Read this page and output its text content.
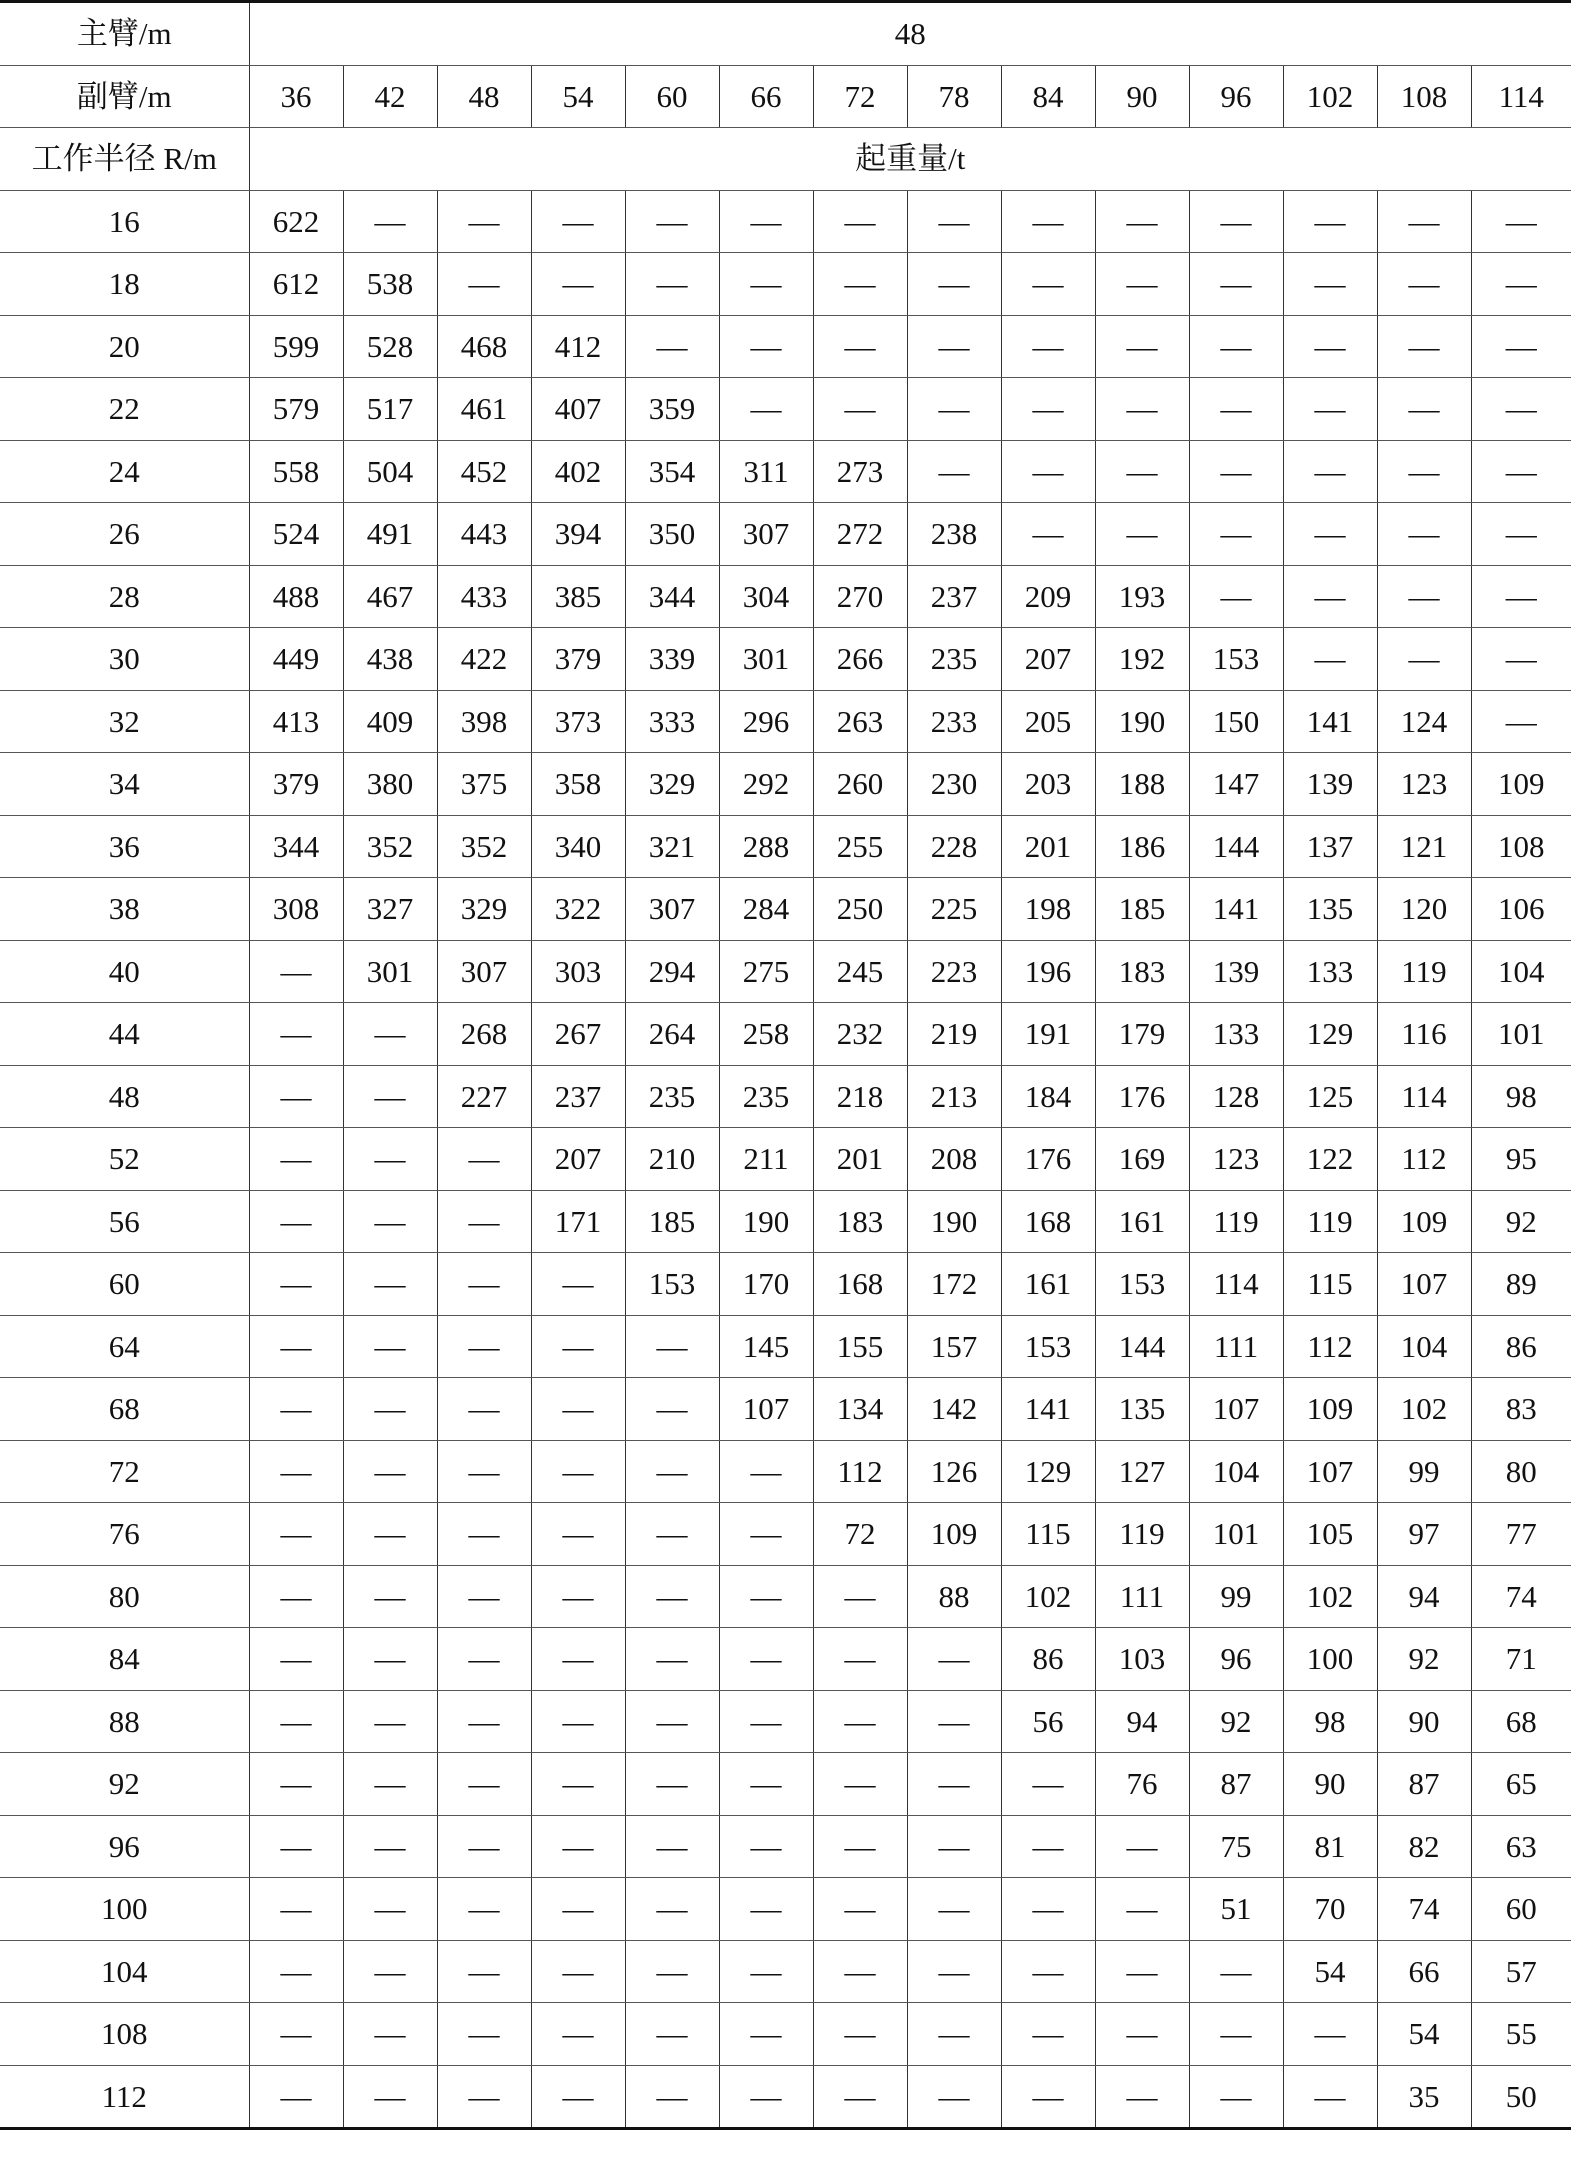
主臂/m	48													
副臂/m	36	42	48	54	60	66	72	78	84	90	96	102	108	114
工作半径 R/m	起重量/t													
16	622	—	—	—	—	—	—	—	—	—	—	—	—	—
18	612	538	—	—	—	—	—	—	—	—	—	—	—	—
20	599	528	468	412	—	—	—	—	—	—	—	—	—	—
22	579	517	461	407	359	—	—	—	—	—	—	—	—	—
24	558	504	452	402	354	311	273	—	—	—	—	—	—	—
26	524	491	443	394	350	307	272	238	—	—	—	—	—	—
28	488	467	433	385	344	304	270	237	209	193	—	—	—	—
30	449	438	422	379	339	301	266	235	207	192	153	—	—	—
32	413	409	398	373	333	296	263	233	205	190	150	141	124	—
34	379	380	375	358	329	292	260	230	203	188	147	139	123	109
36	344	352	352	340	321	288	255	228	201	186	144	137	121	108
38	308	327	329	322	307	284	250	225	198	185	141	135	120	106
40	—	301	307	303	294	275	245	223	196	183	139	133	119	104
44	—	—	268	267	264	258	232	219	191	179	133	129	116	101
48	—	—	227	237	235	235	218	213	184	176	128	125	114	98
52	—	—	—	207	210	211	201	208	176	169	123	122	112	95
56	—	—	—	171	185	190	183	190	168	161	119	119	109	92
60	—	—	—	—	153	170	168	172	161	153	114	115	107	89
64	—	—	—	—	—	145	155	157	153	144	111	112	104	86
68	—	—	—	—	—	107	134	142	141	135	107	109	102	83
72	—	—	—	—	—	—	112	126	129	127	104	107	99	80
76	—	—	—	—	—	—	72	109	115	119	101	105	97	77
80	—	—	—	—	—	—	—	88	102	111	99	102	94	74
84	—	—	—	—	—	—	—	—	86	103	96	100	92	71
88	—	—	—	—	—	—	—	—	56	94	92	98	90	68
92	—	—	—	—	—	—	—	—	—	76	87	90	87	65
96	—	—	—	—	—	—	—	—	—	—	75	81	82	63
100	—	—	—	—	—	—	—	—	—	—	51	70	74	60
104	—	—	—	—	—	—	—	—	—	—	—	54	66	57
108	—	—	—	—	—	—	—	—	—	—	—	—	54	55
112	—	—	—	—	—	—	—	—	—	—	—	—	35	50
